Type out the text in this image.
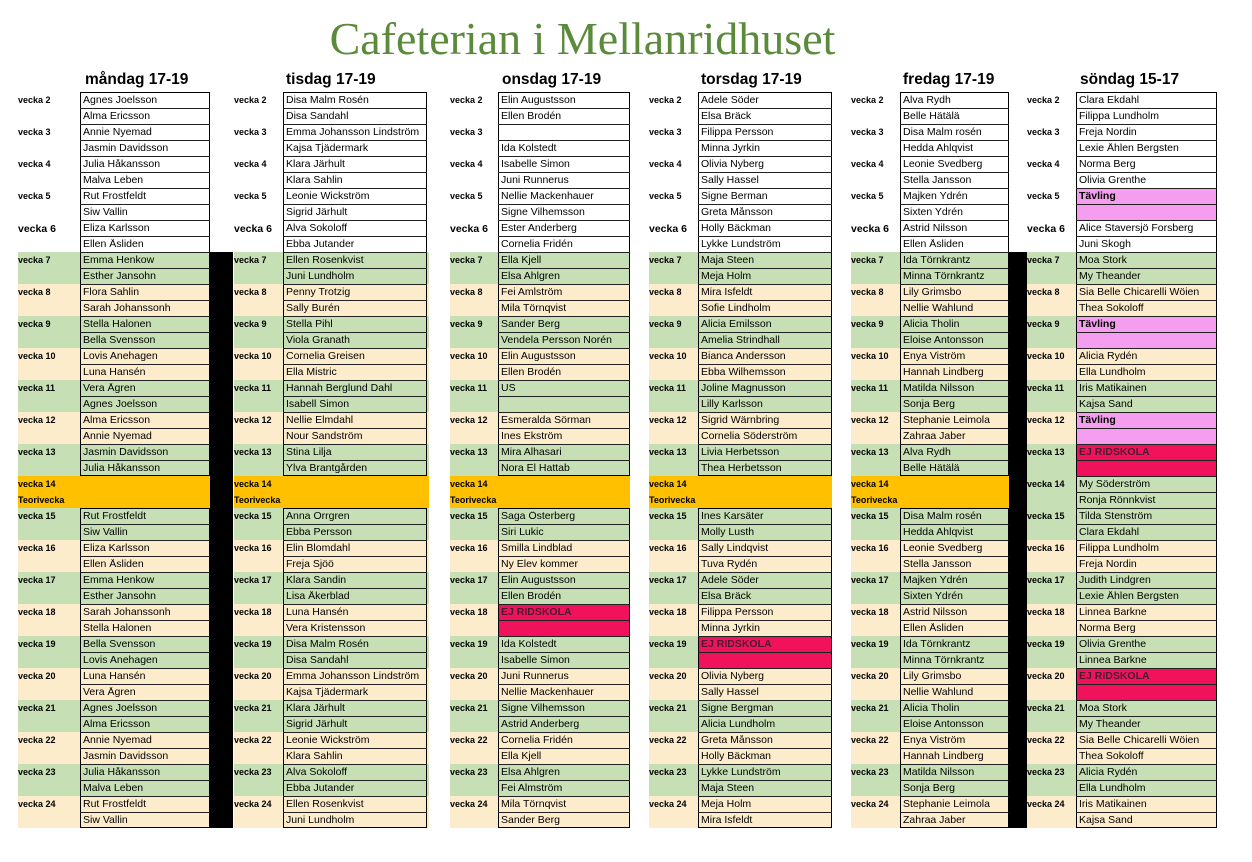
Cafeterian i Mellanridhuset
måndag 17-19
vecka 2
vecka 3
vecka 4
vecka 5
vecka 6
vecka 7
vecka 8
vecka 9
vecka 10
vecka 11
vecka 12
vecka 13
vecka 14
vecka 15
vecka 16
vecka 17
vecka 18
vecka 19
vecka 20
vecka 21
vecka 22
vecka 23
vecka 24
Teorivecka
Agnes Joelsson
Alma Ericsson
Annie Nyemad
Jasmin Davidsson
Julia Håkansson
Malva Leben
Rut Frostfeldt
Siw Vallin
Eliza Karlsson
Ellen Åsliden
Emma Henkow
Esther Jansohn
Flora Sahlin
Sarah Johanssonh
Stella Halonen
Bella Svensson
Lovis Anehagen
Luna Hansén
Vera Ågren
Agnes Joelsson
Alma Ericsson
Annie Nyemad
Jasmin Davidsson
Julia Håkansson
Rut Frostfeldt
Siw Vallin
Eliza Karlsson
Ellen Åsliden
Emma Henkow
Esther Jansohn
Sarah Johanssonh
Stella Halonen
Bella Svensson
Lovis Anehagen
Luna Hansén
Vera Ågren
Agnes Joelsson
Alma Ericsson
Annie Nyemad
Jasmin Davidsson
Julia Håkansson
Malva Leben
Rut Frostfeldt
Siw Vallin
tisdag 17-19
vecka 2
vecka 3
vecka 4
vecka 5
vecka 6
vecka 7
vecka 8
vecka 9
vecka 10
vecka 11
vecka 12
vecka 13
vecka 14
vecka 15
vecka 16
vecka 17
vecka 18
vecka 19
vecka 20
vecka 21
vecka 22
vecka 23
vecka 24
Teorivecka
Disa Malm Rosén
Disa Sandahl
Emma Johansson Lindström
Kajsa Tjädermark
Klara Järhult
Klara Sahlin
Leonie Wickström
Sigrid Järhult
Alva Sokoloff
Ebba Jutander
Ellen Rosenkvist
Juni Lundholm
Penny Trotzig
Sally Burén
Stella Pihl
Viola Granath
Cornelia Greisen
Ella Mistric
Hannah Berglund Dahl
Isabell Simon
Nellie Elmdahl
Nour Sandström
Stina Lilja
Ylva Brantgården
Anna Orrgren
Ebba Persson
Elin Blomdahl
Freja Sjöö
Klara Sandin
Lisa Åkerblad
Luna Hansén
Vera Kristensson
Disa Malm Rosén
Disa Sandahl
Emma Johansson Lindström
Kajsa Tjädermark
Klara Järhult
Sigrid Järhult
Leonie Wickström
Klara Sahlin
Alva Sokoloff
Ebba Jutander
Ellen Rosenkvist
Juni Lundholm
onsdag 17-19
vecka 2
vecka 3
vecka 4
vecka 5
vecka 6
vecka 7
vecka 8
vecka 9
vecka 10
vecka 11
vecka 12
vecka 13
vecka 14
vecka 15
vecka 16
vecka 17
vecka 18
vecka 19
vecka 20
vecka 21
vecka 22
vecka 23
vecka 24
Teorivecka
Elin Augustsson
Ellen Brodén
Ida Kolstedt
Isabelle Simon
Juni Runnerus
Nellie Mackenhauer
Signe Vilhemsson
Ester Anderberg
Cornelia Fridén
Ella Kjell
Elsa Ahlgren
Fei Amlström
Mila Törnqvist
Sander Berg
Vendela Persson Norén
Elin Augustsson
Ellen Brodén
US
Esmeralda Sörman
Ines Ekström
Mira Alhasari
Nora El Hattab
Saga Österberg
Siri Lukic
Smilla Lindblad
Ny Elev kommer
Elin Augustsson
Ellen Brodén
EJ RIDSKOLA
Ida Kolstedt
Isabelle Simon
Juni Runnerus
Nellie Mackenhauer
Signe Vilhemsson
Astrid Anderberg
Cornelia Fridén
Ella Kjell
Elsa Ahlgren
Fei Almström
Mila Törnqvist
Sander Berg
torsdag 17-19
vecka 2
vecka 3
vecka 4
vecka 5
vecka 6
vecka 7
vecka 8
vecka 9
vecka 10
vecka 11
vecka 12
vecka 13
vecka 14
vecka 15
vecka 16
vecka 17
vecka 18
vecka 19
vecka 20
vecka 21
vecka 22
vecka 23
vecka 24
Teorivecka
Adele Söder
Elsa Bräck
Filippa Persson
Minna Jyrkin
Olivia Nyberg
Sally Hassel
Signe Berman
Greta Månsson
Holly Bäckman
Lykke Lundström
Maja Steen
Meja Holm
Mira Isfeldt
Sofie Lindholm
Alicia Emilsson
Amelia Strindhall
Bianca Andersson
Ebba Wilhemsson
Joline Magnusson
Lilly Karlsson
Sigrid Wärnbring
Cornelia Söderström
Livia Herbetsson
Thea Herbetsson
Ines Karsäter
Molly Lusth
Sally Lindqvist
Tuva Rydén
Adele Söder
Elsa Bräck
Filippa Persson
Minna Jyrkin
EJ RIDSKOLA
Olivia Nyberg
Sally Hassel
Signe Bergman
Alicia Lundholm
Greta Månsson
Holly Bäckman
Lykke Lundström
Maja Steen
Meja Holm
Mira Isfeldt
fredag 17-19
vecka 2
vecka 3
vecka 4
vecka 5
vecka 6
vecka 7
vecka 8
vecka 9
vecka 10
vecka 11
vecka 12
vecka 13
vecka 14
vecka 15
vecka 16
vecka 17
vecka 18
vecka 19
vecka 20
vecka 21
vecka 22
vecka 23
vecka 24
Teorivecka
Alva Rydh
Belle Hätälä
Disa Malm rosén
Hedda Ahlqvist
Leonie Svedberg
Stella Jansson
Majken Ydrén
Sixten Ydrén
Astrid Nilsson
Ellen Åsliden
Ida Törnkrantz
Minna Törnkrantz
Lily Grimsbo
Nellie Wahlund
Alicia Tholin
Eloise Antonsson
Enya Viström
Hannah Lindberg
Matilda Nilsson
Sonja Berg
Stephanie Leimola
Zahraa Jaber
Alva Rydh
Belle Hätälä
Disa Malm rosén
Hedda Ahlqvist
Leonie Svedberg
Stella Jansson
Majken Ydrén
Sixten Ydrén
Astrid Nilsson
Ellen Åsliden
Ida Törnkrantz
Minna Törnkrantz
Lily Grimsbo
Nellie Wahlund
Alicia Tholin
Eloise Antonsson
Enya Viström
Hannah Lindberg
Matilda Nilsson
Sonja Berg
Stephanie Leimola
Zahraa Jaber
söndag 15-17
vecka 2
vecka 3
vecka 4
vecka 5
vecka 6
vecka 7
vecka 8
vecka 9
vecka 10
vecka 11
vecka 12
vecka 13
vecka 14
vecka 15
vecka 16
vecka 17
vecka 18
vecka 19
vecka 20
vecka 21
vecka 22
vecka 23
vecka 24
Clara Ekdahl
Filippa Lundholm
Freja Nordin
Lexie Åhlen Bergsten
Norma Berg
Olivia Grenthe
Tävling
Alice Staversjö Forsberg
Juni Skogh
Moa Stork
My Theander
Sia Belle Chicarelli Wöien
Thea Sokoloff
Tävling
Alicia Rydén
Ella Lundholm
Iris Matikainen
Kajsa Sand
Tävling
EJ RIDSKOLA
My Söderström
Ronja Rönnkvist
Tilda Stenström
Clara Ekdahl
Filippa Lundholm
Freja Nordin
Judith Lindgren
Lexie Åhlen Bergsten
Linnea Barkne
Norma Berg
Olivia Grenthe
Linnea Barkne
EJ RIDSKOLA
Moa Stork
My Theander
Sia Belle Chicarelli Wöien
Thea Sokoloff
Alicia Rydén
Ella Lundholm
Iris Matikainen
Kajsa Sand
